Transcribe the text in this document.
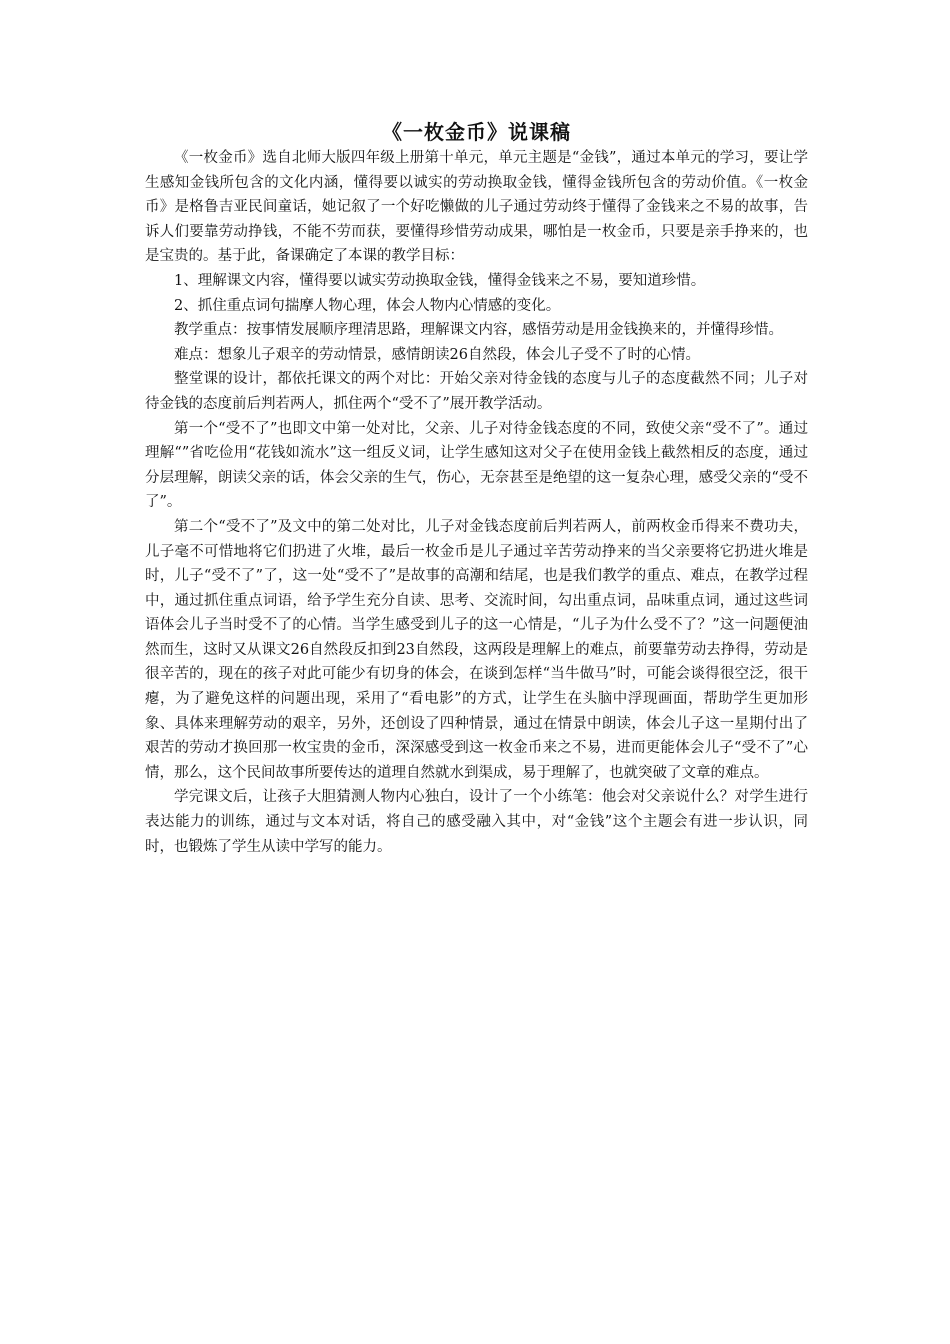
《一枚金币》说课稿

《一枚金币》选自北师大版四年级上册第十单元，单元主题是“金钱”，通过本单元的学习，要让学生感知金钱所包含的文化内涵，懂得要以诚实的劳动换取金钱，懂得金钱所包含的劳动价值。《一枚金币》是格鲁吉亚民间童话，她记叙了一个好吃懒做的儿子通过劳动终于懂得了金钱来之不易的故事，告诉人们要靠劳动挣钱，不能不劳而获，要懂得珍惜劳动成果，哪怕是一枚金币，只要是亲手挣来的，也是宝贵的。基于此，备课确定了本课的教学目标：

1、理解课文内容，懂得要以诚实劳动换取金钱，懂得金钱来之不易，要知道珍惜。

2、抓住重点词句揣摩人物心理，体会人物内心情感的变化。

教学重点：按事情发展顺序理清思路，理解课文内容，感悟劳动是用金钱换来的，并懂得珍惜。

难点：想象儿子艰辛的劳动情景，感情朗读26自然段，体会儿子受不了时的心情。

整堂课的设计，都依托课文的两个对比：开始父亲对待金钱的态度与儿子的态度截然不同；儿子对待金钱的态度前后判若两人，抓住两个“受不了”展开教学活动。

第一个“受不了”也即文中第一处对比，父亲、儿子对待金钱态度的不同，致使父亲“受不了”。通过理解“”省吃俭用“花钱如流水”这一组反义词，让学生感知这对父子在使用金钱上截然相反的态度，通过分层理解，朗读父亲的话，体会父亲的生气，伤心，无奈甚至是绝望的这一复杂心理，感受父亲的“受不了”。

第二个“受不了”及文中的第二处对比，儿子对金钱态度前后判若两人，前两枚金币得来不费功夫，儿子毫不可惜地将它们扔进了火堆，最后一枚金币是儿子通过辛苦劳动挣来的当父亲要将它扔进火堆是时，儿子“受不了”了，这一处“受不了”是故事的高潮和结尾，也是我们教学的重点、难点，在教学过程中，通过抓住重点词语，给予学生充分自读、思考、交流时间，勾出重点词，品味重点词，通过这些词语体会儿子当时受不了的心情。当学生感受到儿子的这一心情是，“儿子为什么受不了？”这一问题便油然而生，这时又从课文26自然段反扣到23自然段，这两段是理解上的难点，前要靠劳动去挣得，劳动是很辛苦的，现在的孩子对此可能少有切身的体会，在谈到怎样“当牛做马”时，可能会谈得很空泛，很干瘪，为了避免这样的问题出现，采用了“看电影”的方式，让学生在头脑中浮现画面，帮助学生更加形象、具体来理解劳动的艰辛，另外，还创设了四种情景，通过在情景中朗读，体会儿子这一星期付出了艰苦的劳动才换回那一枚宝贵的金币，深深感受到这一枚金币来之不易，进而更能体会儿子“受不了”心情，那么，这个民间故事所要传达的道理自然就水到渠成，易于理解了，也就突破了文章的难点。

学完课文后，让孩子大胆猜测人物内心独白，设计了一个小练笔：他会对父亲说什么？对学生进行表达能力的训练，通过与文本对话，将自己的感受融入其中，对“金钱”这个主题会有进一步认识，同时，也锻炼了学生从读中学写的能力。
